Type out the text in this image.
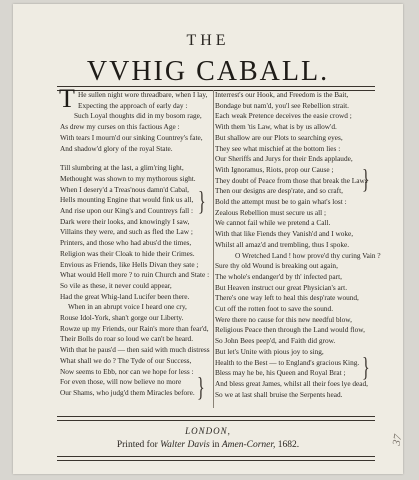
THE
VVHIG CABALL.
T He sullen night wore threadbare, when I lay,
Expecting the approach of early day :
Such Loyal thoughts did in my bosom rage,
As drew my curses on this factious Age :
With tears I mourn'd our sinking Countrey's fate,
And shadow'd glory of the royal State.
Till slumbring at the last, a glim'ring light,
Methought was shown to my mythorous sight.
When I desery'd a Treas'nous damn'd Cabal,
Hells mounting Engine that would fink us all,
And rise upon our King's and Countreys fall :
Dark were their looks, and knowingly I saw,
Villains they were, and such as fled the Law ;
Printers, and those who had abus'd the times,
Religion was their Cloak to hide their Crimes.
Envious as Friends, like Hells Divan they sate ;
What would Hell more ? to ruin Church and State :
So vile as these, it never could appear,
Had the great Whig-land Lucifer been there.
When in an abrupt voice I heard one cry,
Rouse Idol-York, shan't gorge our Liberty.
Rowze up my Friends, our Rain's more than fear'd,
Their Bolls do roar so loud we can't be heard.
With that he paus'd — then said with much distress
What shall we do ? The Tyde of our Success,
Now seems to Ebb, nor can we hope for less :
For even those, will now believe no more
Our Shams, who judg'd them Miracles before.
Interrest's our Hook, and Freedom is the Bait,
Bondage but nam'd, you'l see Rebellion strait.
Each weak Pretence deceives the easie crowd ;
With them 'tis Law, what is by us allow'd.
But shallow are our Plots to searching eyes,
They see what mischief at the bottom lies :
Our Sheriffs and Jurys for their Ends applaude,
With Ignoramus, Riots, prop our Cause ;
They doubt of Peace from those that break the Laws
Then our designs are desp'rate, and so craft,
Bold the attempt must be to gain what's lost :
Zealous Rebellion must secure us all ;
We cannot fail while we pretend a Call.
With that like Fiends they Vanish'd and I woke,
Whilst all amaz'd and trembling, thus I spoke.
O Wretched Land ! how prove'd thy curing Vain ?
Sure thy old Wound is breaking out again,
The whole's endanger'd by th' infected part,
But Heaven instruct our great Physician's art.
There's one way left to heal this desp'rate wound,
Cut off the rotten foot to save the sound.
Were there no cause for this new needful blow,
Religious Peace then through the Land would flow,
So John Bees peep'd, and Faith did grow.
But let's Unite with pious joy to sing,
Health to the Best — to England's gracious King.
Bless may he be, his Queen and Royal Brat ;
And bless great James, whilst all their foes lye dead,
So we at last shall bruise the Serpents head.
}
}
}
}
LONDON,
Printed for Walter Davis in Amen-Corner, 1682.	37
